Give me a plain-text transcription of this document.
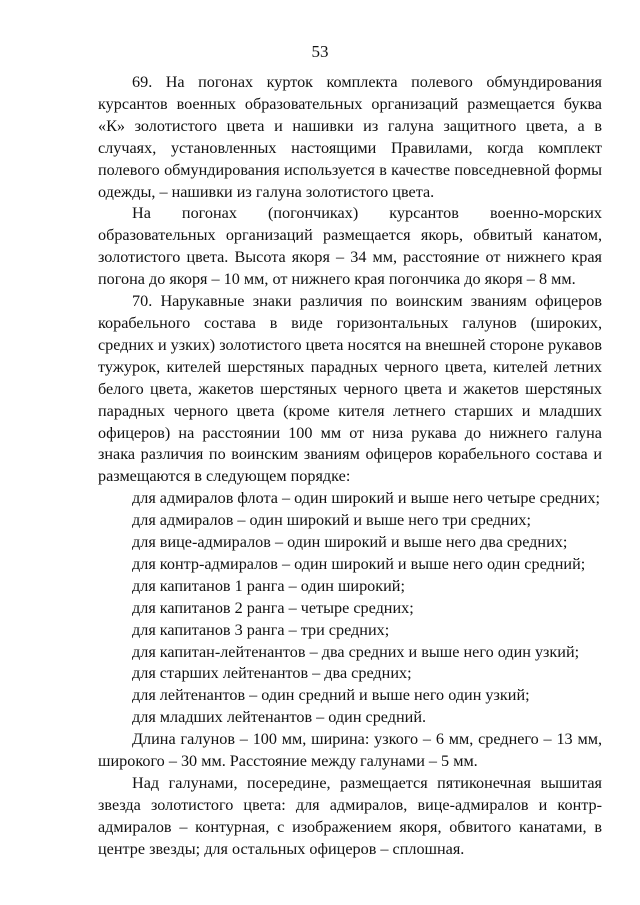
53

69. На погонах курток комплекта полевого обмундирования курсантов военных образовательных организаций размещается буква «К» золотистого цвета и нашивки из галуна защитного цвета, а в случаях, установленных настоящими Правилами, когда комплект полевого обмундирования используется в качестве повседневной формы одежды, – нашивки из галуна золотистого цвета.

На погонах (погончиках) курсантов военно-морских образовательных организаций размещается якорь, обвитый канатом, золотистого цвета. Высота якоря – 34 мм, расстояние от нижнего края погона до якоря – 10 мм, от нижнего края погончика до якоря – 8 мм.

70. Нарукавные знаки различия по воинским званиям офицеров корабельного состава в виде горизонтальных галунов (широких, средних и узких) золотистого цвета носятся на внешней стороне рукавов тужурок, кителей шерстяных парадных черного цвета, кителей летних белого цвета, жакетов шерстяных черного цвета и жакетов шерстяных парадных черного цвета (кроме кителя летнего старших и младших офицеров) на расстоянии 100 мм от низа рукава до нижнего галуна знака различия по воинским званиям офицеров корабельного состава и размещаются в следующем порядке:

для адмиралов флота – один широкий и выше него четыре средних;
для адмиралов – один широкий и выше него три средних;
для вице-адмиралов – один широкий и выше него два средних;
для контр-адмиралов – один широкий и выше него один средний;
для капитанов 1 ранга – один широкий;
для капитанов 2 ранга – четыре средних;
для капитанов 3 ранга – три средних;
для капитан-лейтенантов – два средних и выше него один узкий;
для старших лейтенантов – два средних;
для лейтенантов – один средний и выше него один узкий;
для младших лейтенантов – один средний.

Длина галунов – 100 мм, ширина: узкого – 6 мм, среднего – 13 мм, широкого – 30 мм. Расстояние между галунами – 5 мм.

Над галунами, посередине, размещается пятиконечная вышитая звезда золотистого цвета: для адмиралов, вице-адмиралов и контр-адмиралов – контурная, с изображением якоря, обвитого канатами, в центре звезды; для остальных офицеров – сплошная.
